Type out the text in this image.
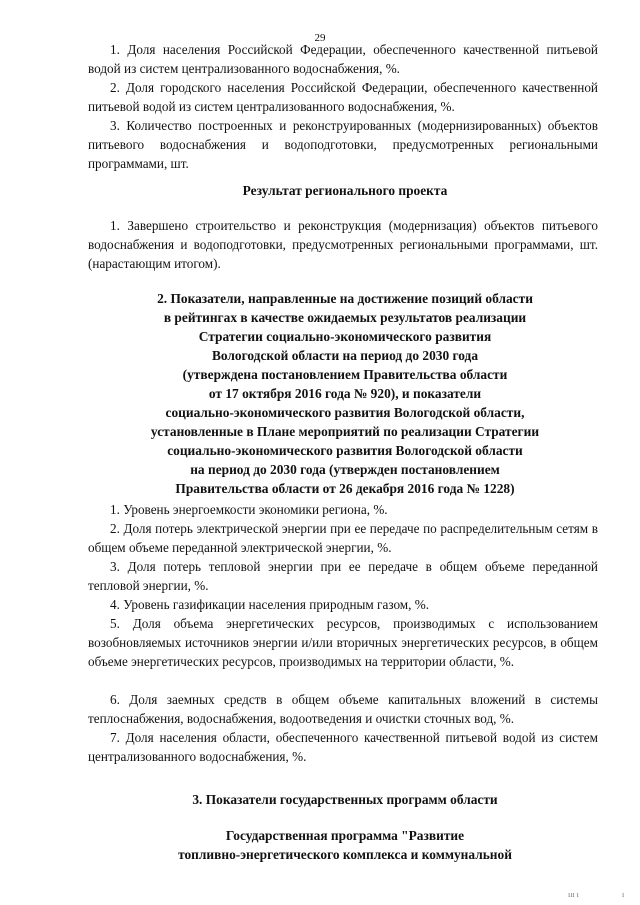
29

1. Доля населения Российской Федерации, обеспеченного качественной питьевой водой из систем централизованного водоснабжения, %.

2. Доля городского населения Российской Федерации, обеспеченного качественной питьевой водой из систем централизованного водоснабжения, %.

3. Количество построенных и реконструированных (модернизированных) объектов питьевого водоснабжения и водоподготовки, предусмотренных региональными программами, шт.

Результат регионального проекта

1. Завершено строительство и реконструкция (модернизация) объектов питьевого водоснабжения и водоподготовки, предусмотренных региональными программами, шт. (нарастающим итогом).

2. Показатели, направленные на достижение позиций области
в рейтингах в качестве ожидаемых результатов реализации
Стратегии социально-экономического развития
Вологодской области на период до 2030 года
(утверждена постановлением Правительства области
от 17 октября 2016 года № 920), и показатели
социально-экономического развития Вологодской области,
установленные в Плане мероприятий по реализации Стратегии
социально-экономического развития Вологодской области
на период до 2030 года (утвержден постановлением
Правительства области от 26 декабря 2016 года № 1228)

1. Уровень энергоемкости экономики региона, %.

2. Доля потерь электрической энергии при ее передаче по распределительным сетям в общем объеме переданной электрической энергии, %.

3. Доля потерь тепловой энергии при ее передаче в общем объеме переданной тепловой энергии, %.

4. Уровень газификации населения природным газом, %.

5. Доля объема энергетических ресурсов, производимых с использованием возобновляемых источников энергии и/или вторичных энергетических ресурсов, в общем объеме энергетических ресурсов, производимых на территории области, %.

6. Доля заемных средств в общем объеме капитальных вложений в системы теплоснабжения, водоснабжения, водоотведения и очистки сточных вод, %.

7. Доля населения области, обеспеченного качественной питьевой водой из систем централизованного водоснабжения, %.

3. Показатели государственных программ области
Государственная программа "Развитие
топливно-энергетического комплекса и коммунальной
ııı ı	ı
